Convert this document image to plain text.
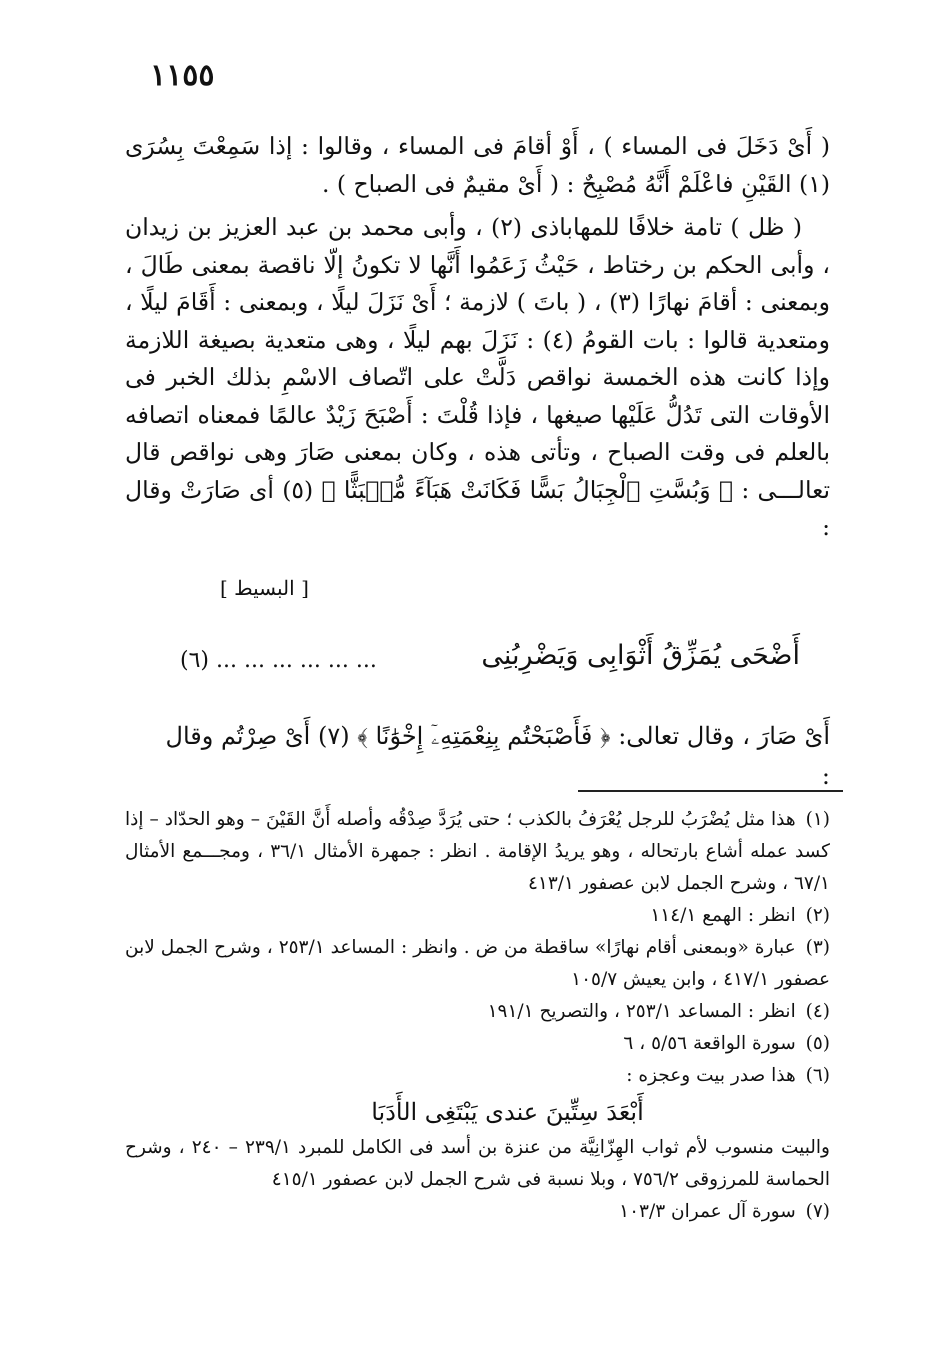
١١٥٥

( أَىْ دَخَلَ فى المساء ) ، أَوْ أقامَ فى المساء ، وقالوا : إذا سَمِعْتَ بِسُرَى (١) القَيْنِ فاعْلَمْ أَنَّهُ مُصْبِحٌ : ( أَىْ مقيمٌ فى الصباح ) .

( ظل ) تامة خلافًا للمهاباذى (٢) ، وأبى محمد بن عبد العزيز بن زيدان ، وأبى الحكم بن رختاط ، حَيْثُ زَعَمُوا أَنَّها لا تكونُ إلّا ناقصة بمعنى طَالَ ، وبمعنى : أقامَ نهارًا (٣) ، ( باتَ ) لازمة ؛ أَىْ نَزَلَ ليلًا ، وبمعنى : أَقَامَ ليلًا ، ومتعدية قالوا : بات القومُ (٤) : نَزَلَ بهم ليلًا ، وهى متعدية بصيغة اللازمة وإذا كانت هذه الخمسة نواقص دَلَّتْ على اتّصاف الاسْمِ بذلك الخبر فى الأوقات التى تَدُلُّ عَلَيْها صيغها ، فإذا قُلْتَ : أَصْبَحَ زَيْدٌ عالمًا فمعناه اتصافه بالعلم فى وقت الصباح ، وتأتى هذه ، وكان بمعنى صَارَ وهى نواقص قال تعالـــى : ﴿ وَبُسَّتِ ٱلْجِبَالُ بَسًّا فَكَانَتْ هَبَآءً مُّنۢبَثًّا ﴾ (٥) أى صَارَتْ وقال :

[ البسيط ]
أَضْحَى يُمَزِّقُ أَثْوَابِى وَيَضْرِبُنِى
... ... ... ... ... ... (٦)
أَىْ صَارَ ، وقال تعالى: ﴿ فَأَصْبَحْتُم بِنِعْمَتِهِۦٓ إِخْوَٰنًا ﴾ (٧) أَىْ صِرْتُم وقال :

(١) هذا مثل يُضْرَبُ للرجل يُعْرَفُ بالكذب ؛ حتى يُرَدَّ صِدْقُه وأصله أَنَّ القَيْنَ – وهو الحدّاد – إذا كسد عمله أشاع بارتحاله ، وهو يريدُ الإقامة . انظر : جمهرة الأمثال ٣٦/١ ، ومجـــمع الأمثال ٦٧/١ ، وشرح الجمل لابن عصفور ٤١٣/١

(٢) انظر : الهمع ١١٤/١

(٣) عبارة «وبمعنى أقام نهارًا» ساقطة من ض . وانظر : المساعد ٢٥٣/١ ، وشرح الجمل لابن عصفور ٤١٧/١ ، وابن يعيش ١٠٥/٧

(٤) انظر : المساعد ٢٥٣/١ ، والتصريح ١٩١/١

(٥) سورة الواقعة ٥/٥٦ ، ٦

(٦) هذا صدر بيت وعجزه :

أَبْعَدَ سِتِّينَ عندى يَبْتَغِى الأَدَبَا

والبيت منسوب لأم ثواب الهِزّانِيَّة من عنزة بن أسد فى الكامل للمبرد ٢٣٩/١ – ٢٤٠ ، وشرح الحماسة للمرزوقى ٧٥٦/٢ ، وبلا نسبة فى شرح الجمل لابن عصفور ٤١٥/١

(٧) سورة آل عمران ١٠٣/٣
